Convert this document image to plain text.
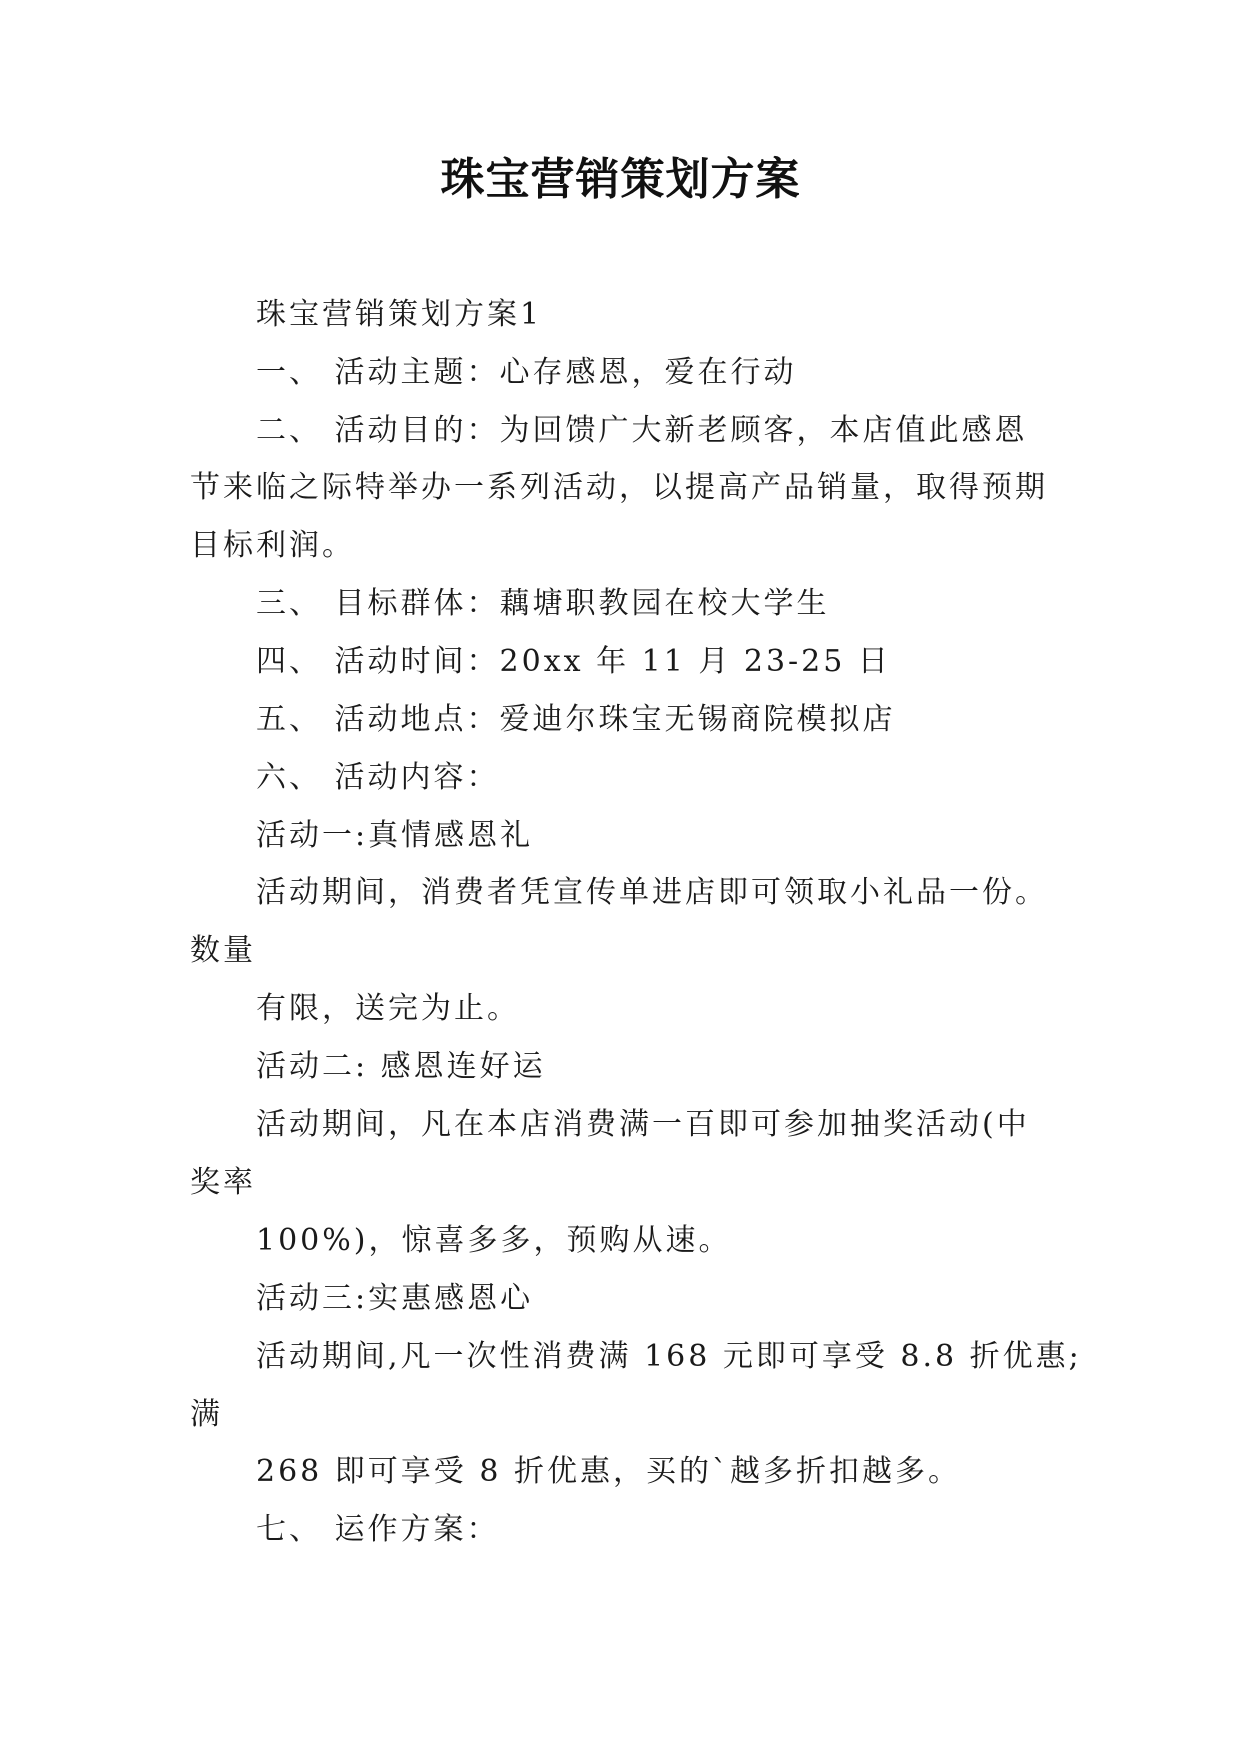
珠宝营销策划方案
珠宝营销策划方案1
一、 活动主题：心存感恩，爱在行动
二、 活动目的：为回馈广大新老顾客，本店值此感恩
节来临之际特举办一系列活动，以提高产品销量，取得预期
目标利润。
三、 目标群体：藕塘职教园在校大学生
四、 活动时间：20xx 年 11 月 23-25 日
五、 活动地点：爱迪尔珠宝无锡商院模拟店
六、 活动内容：
活动一:真情感恩礼
活动期间，消费者凭宣传单进店即可领取小礼品一份。
数量
有限，送完为止。
活动二: 感恩连好运
活动期间，凡在本店消费满一百即可参加抽奖活动(中
奖率
100%)，惊喜多多，预购从速。
活动三:实惠感恩心
活动期间,凡一次性消费满 168 元即可享受 8.8 折优惠;
满
268 即可享受 8 折优惠，买的`越多折扣越多。
七、 运作方案：
